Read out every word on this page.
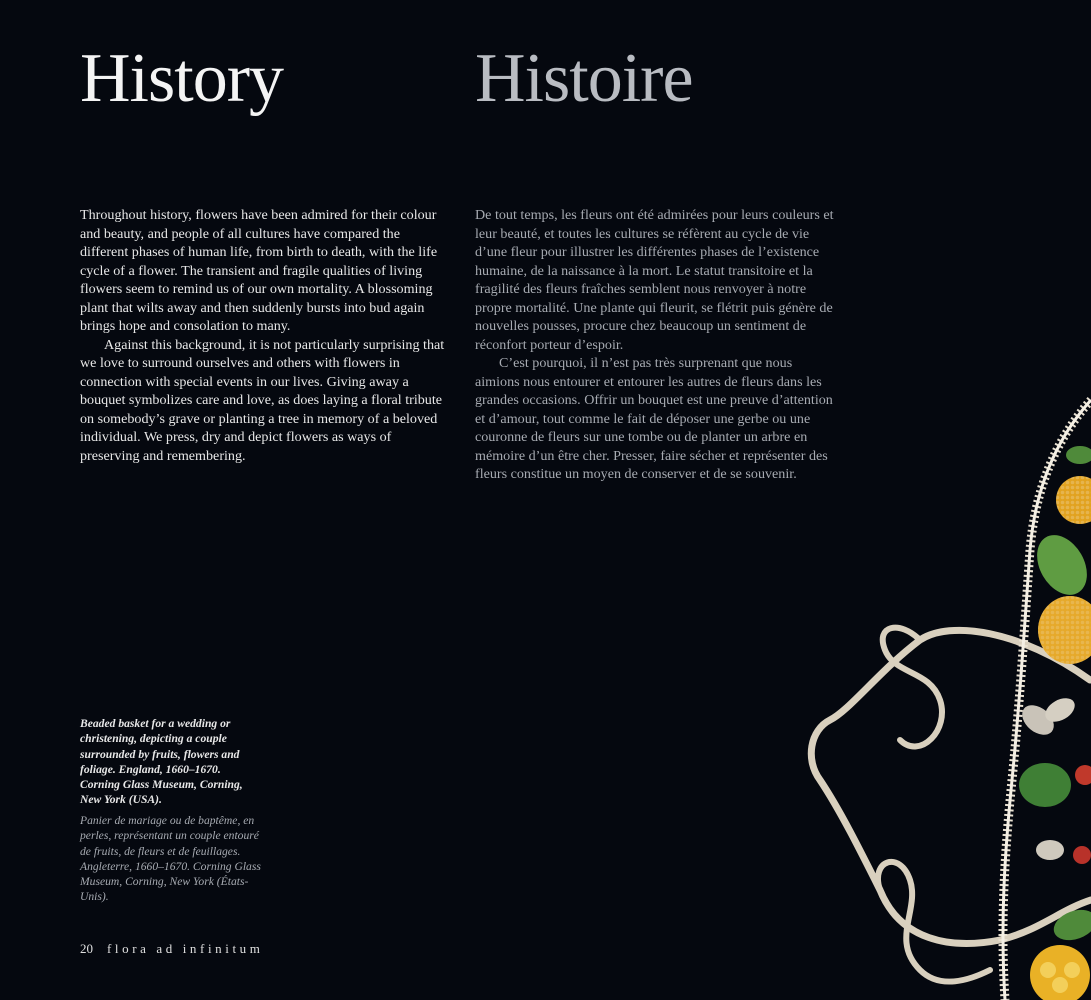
History	Histoire

Throughout history, flowers have been admired for their colour and beauty, and people of all cultures have compared the different phases of human life, from birth to death, with the life cycle of a flower. The transient and fragile qualities of living flowers seem to remind us of our own mortality. A blossoming plant that wilts away and then suddenly bursts into bud again brings hope and consolation to many.

Against this background, it is not particularly surprising that we love to surround ourselves and others with flowers in connection with special events in our lives. Giving away a bouquet symbolizes care and love, as does laying a floral tribute on somebody’s grave or planting a tree in memory of a beloved individual. We press, dry and depict flowers as ways of preserving and remembering.

De tout temps, les fleurs ont été admirées pour leurs couleurs et leur beauté, et toutes les cultures se réfèrent au cycle de vie d’une fleur pour illustrer les différentes phases de l’existence humaine, de la naissance à la mort. Le statut transitoire et la fragilité des fleurs fraîches semblent nous renvoyer à notre propre mortalité. Une plante qui fleurit, se flétrit puis génère de nouvelles pousses, procure chez beaucoup un sentiment de réconfort porteur d’espoir.

C’est pourquoi, il n’est pas très surprenant que nous aimions nous entourer et entourer les autres de fleurs dans les grandes occasions. Offrir un bouquet est une preuve d’attention et d’amour, tout comme le fait de déposer une gerbe ou une couronne de fleurs sur une tombe ou de planter un arbre en mémoire d’un être cher. Presser, faire sécher et représenter des fleurs constitue un moyen de conserver et de se souvenir.

Beaded basket for a wedding or christening, depicting a couple surrounded by fruits, flowers and foliage. England, 1660–1670. Corning Glass Museum, Corning, New York (USA).
Panier de mariage ou de baptême, en perles, représentant un couple entouré de fruits, de fleurs et de feuillages. Angleterre, 1660–1670. Corning Glass Museum, Corning, New York (États-Unis).
20 flora ad infinitum
